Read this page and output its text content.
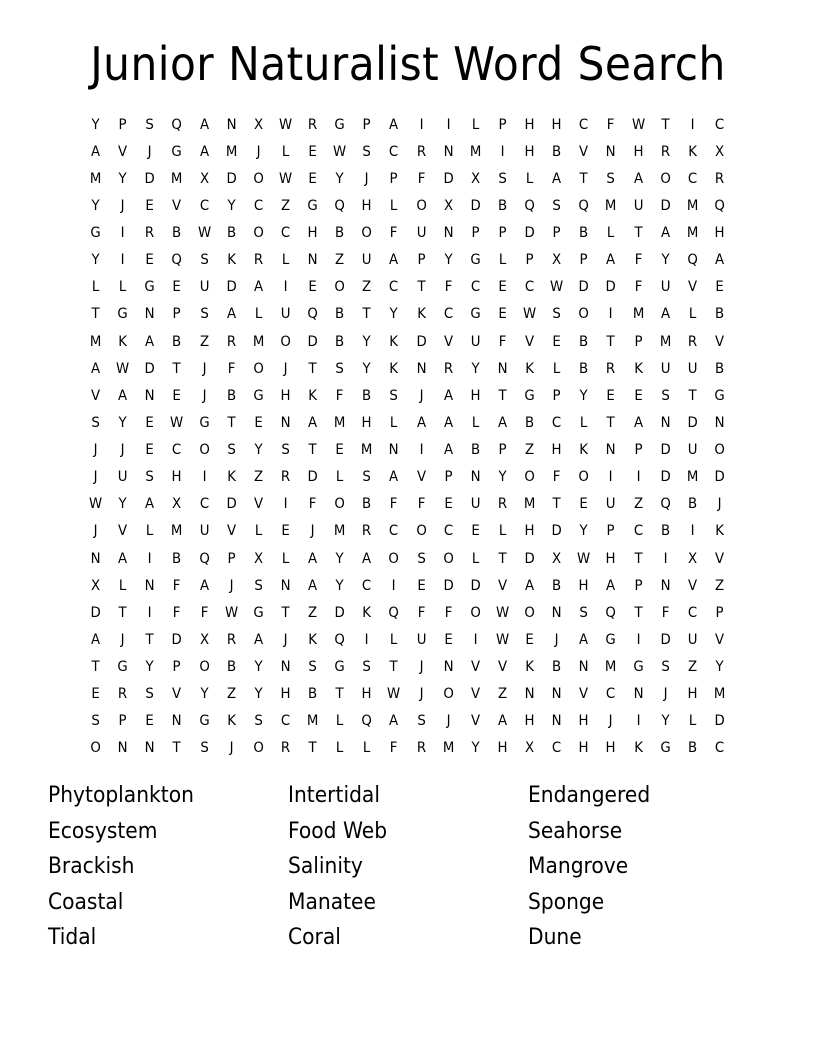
Junior Naturalist Word Search
Y	P	S	Q	A	N	X	W	R	G	P	A	I	I	L	P	H	H	C	F	W	T	I	C
A	V	J	G	A	M	J	L	E	W	S	C	R	N	M	I	H	B	V	N	H	R	K	X
M	Y	D	M	X	D	O	W	E	Y	J	P	F	D	X	S	L	A	T	S	A	O	C	R
Y	J	E	V	C	Y	C	Z	G	Q	H	L	O	X	D	B	Q	S	Q	M	U	D	M	Q
G	I	R	B	W	B	O	C	H	B	O	F	U	N	P	P	D	P	B	L	T	A	M	H
Y	I	E	Q	S	K	R	L	N	Z	U	A	P	Y	G	L	P	X	P	A	F	Y	Q	A
L	L	G	E	U	D	A	I	E	O	Z	C	T	F	C	E	C	W	D	D	F	U	V	E
T	G	N	P	S	A	L	U	Q	B	T	Y	K	C	G	E	W	S	O	I	M	A	L	B
M	K	A	B	Z	R	M	O	D	B	Y	K	D	V	U	F	V	E	B	T	P	M	R	V
A	W	D	T	J	F	O	J	T	S	Y	K	N	R	Y	N	K	L	B	R	K	U	U	B
V	A	N	E	J	B	G	H	K	F	B	S	J	A	H	T	G	P	Y	E	E	S	T	G
S	Y	E	W	G	T	E	N	A	M	H	L	A	A	L	A	B	C	L	T	A	N	D	N
J	J	E	C	O	S	Y	S	T	E	M	N	I	A	B	P	Z	H	K	N	P	D	U	O
J	U	S	H	I	K	Z	R	D	L	S	A	V	P	N	Y	O	F	O	I	I	D	M	D
W	Y	A	X	C	D	V	I	F	O	B	F	F	E	U	R	M	T	E	U	Z	Q	B	J
J	V	L	M	U	V	L	E	J	M	R	C	O	C	E	L	H	D	Y	P	C	B	I	K
N	A	I	B	Q	P	X	L	A	Y	A	O	S	O	L	T	D	X	W	H	T	I	X	V
X	L	N	F	A	J	S	N	A	Y	C	I	E	D	D	V	A	B	H	A	P	N	V	Z
D	T	I	F	F	W	G	T	Z	D	K	Q	F	F	O	W	O	N	S	Q	T	F	C	P
A	J	T	D	X	R	A	J	K	Q	I	L	U	E	I	W	E	J	A	G	I	D	U	V
T	G	Y	P	O	B	Y	N	S	G	S	T	J	N	V	V	K	B	N	M	G	S	Z	Y
E	R	S	V	Y	Z	Y	H	B	T	H	W	J	O	V	Z	N	N	V	C	N	J	H	M
S	P	E	N	G	K	S	C	M	L	Q	A	S	J	V	A	H	N	H	J	I	Y	L	D
O	N	N	T	S	J	O	R	T	L	L	F	R	M	Y	H	X	C	H	H	K	G	B	C
Phytoplankton
Ecosystem
Brackish
Coastal
Tidal
Intertidal
Food Web
Salinity
Manatee
Coral
Endangered
Seahorse
Mangrove
Sponge
Dune
